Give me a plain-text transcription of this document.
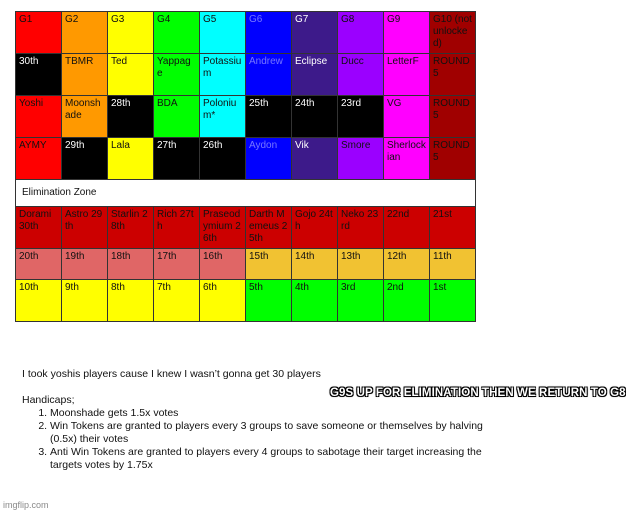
G1	G2	G3	G4	G5	G6	G7	G8	G9	G10 (not unlocked)
30th	TBMR	Ted	Yappage	Potassium	Andrew	Eclipse	Ducc	LetterF	ROUND 5
Yoshi	Moonshade	28th	BDA	Polonium*	25th	24th	23rd	VG	ROUND 5
AYMY	29th	Lala	27th	26th	Aydon	Vik	Smore	Sherlockian	ROUND 5
Elimination Zone									
Dorami 30th	Astro 29th	Starlin 28th	Rich 27th	Praseodymium 26th	Darth Memeus 25th	Gojo 24th	Neko 23rd	22nd	21st
20th	19th	18th	17th	16th	15th	14th	13th	12th	11th
10th	9th	8th	7th	6th	5th	4th	3rd	2nd	1st

I took yoshis players cause I knew I wasn’t gonna get 30 players

Handicaps;

1. Moonshade gets 1.5x votes
2. Win Tokens are granted to players every 3 groups to save someone or themselves by halving (0.5x) their votes
3. Anti Win Tokens are granted to players every 4 groups to sabotage their target increasing the targets votes by 1.75x
G9S UP FOR ELIMINATION THEN WE RETURN TO G8
imgflip.com
